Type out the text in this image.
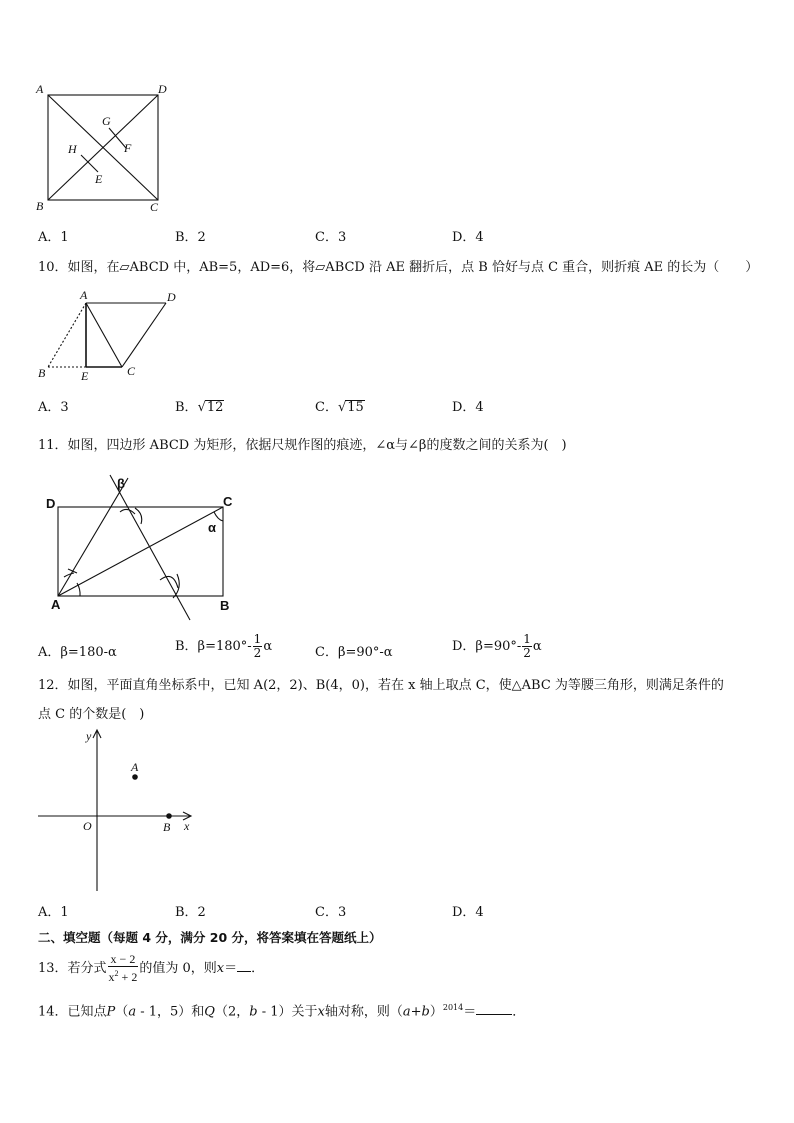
A	D
B	C
G
H	F
E
A．1	B．2	C．3	D．4
10．如图，在▱ABCD 中，AB=5，AD=6，将▱ABCD 沿 AE 翻折后，点 B 恰好与点 C 重合，则折痕 AE 的长为（　　）
A	D
B	E	C
A．3	B．√12	C．√15	D．4
11．如图，四边形 ABCD 为矩形，依据尺规作图的痕迹，∠α与∠β的度数之间的关系为(　)
D	C
A	B
α
β
A．β=180-α	B．$\beta=180^\circ- \frac{1}{2}$ α	C．β=90°-α	D．$\beta=90^\circ- \frac{1}{2}$ α
12．如图，平面直角坐标系中，已知 A(2，2)、B(4，0)，若在 x 轴上取点 C，使△ABC 为等腰三角形，则满足条件的
点 C 的个数是(　)
y
x
O
A
B
A．1	B．2	C．3	D．4
二、填空题（每题 4 分，满分 20 分，将答案填在答题纸上）
13．若分式 $\frac{x - 2}{x^2 + 2}$ 的值为 0，则x＝ ．
14．已知点P（a - 1，5）和Q（2，b - 1）关于x轴对称，则$(a+b)^{2014}=$	．
